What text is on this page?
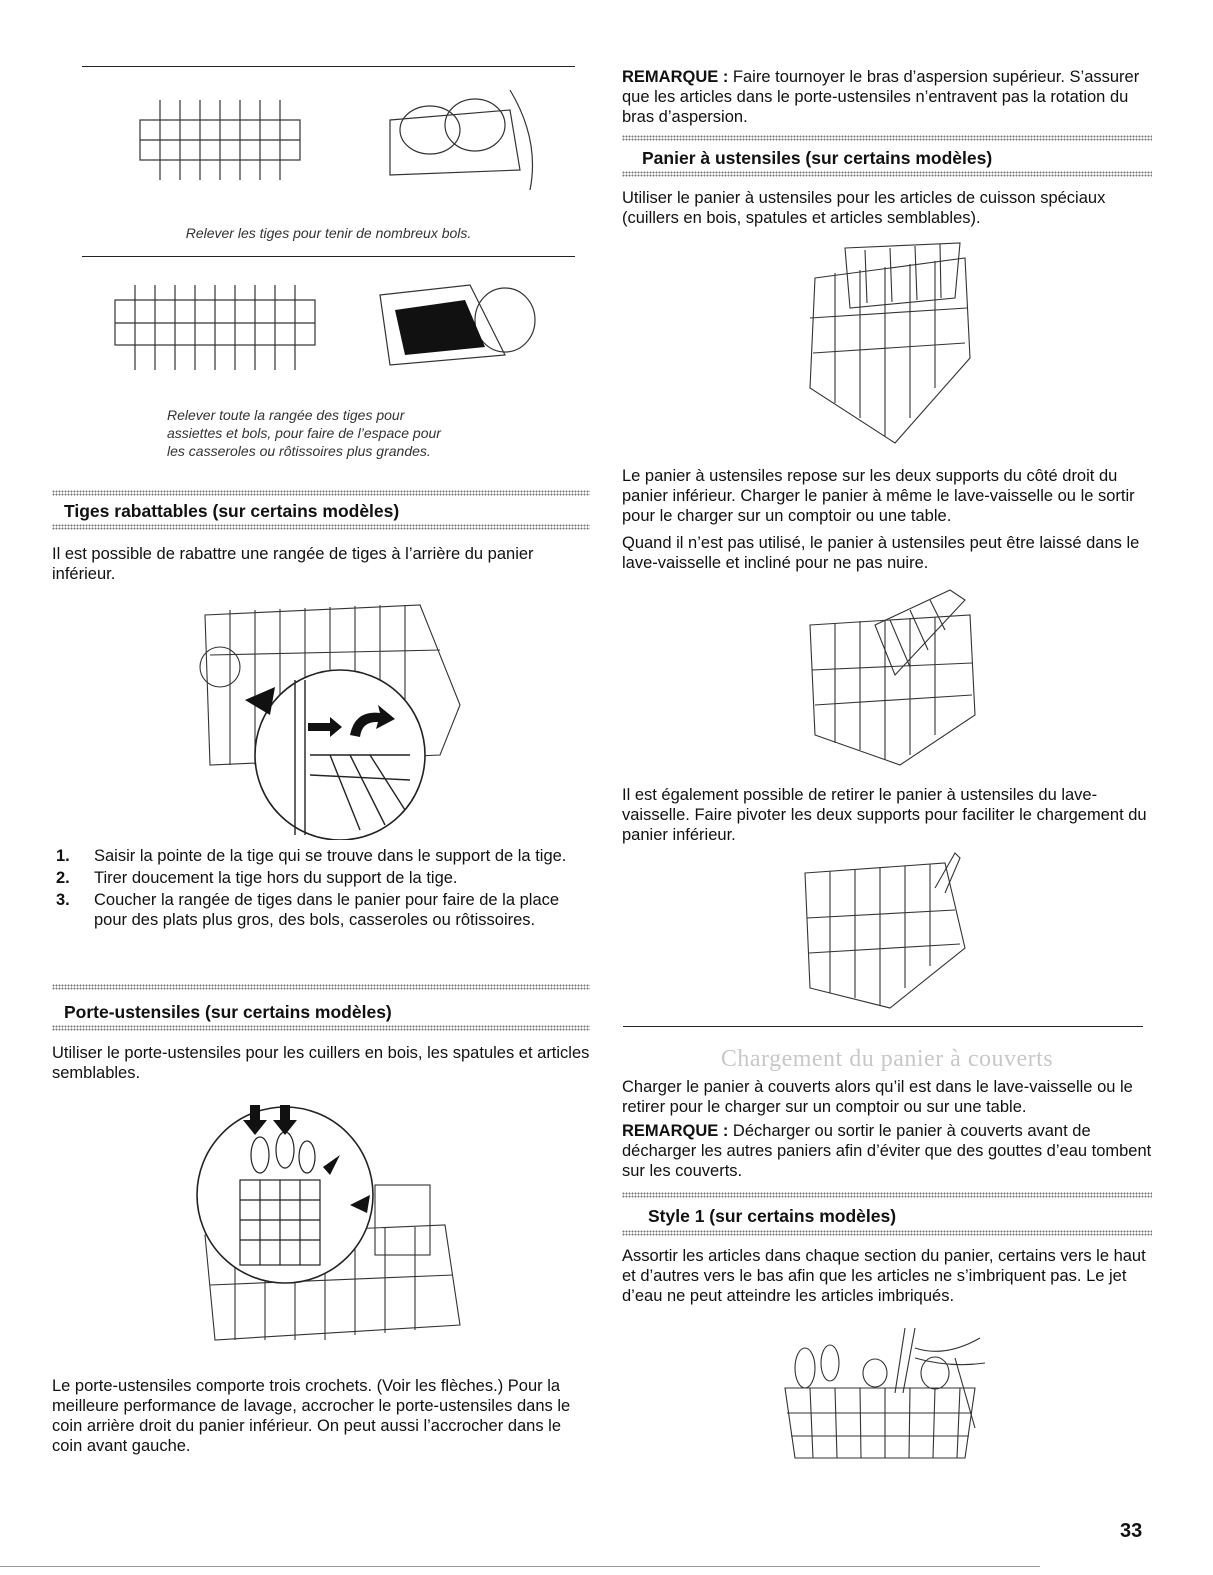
Relever les tiges pour tenir de nombreux bols.
Relever toute la rangée des tiges pour
assiettes et bols, pour faire de l’espace pour
les casseroles ou rôtissoires plus grandes.
Tiges rabattables (sur certains modèles)

Il est possible de rabattre une rangée de tiges à l’arrière du panier inférieur.

1. Saisir la pointe de la tige qui se trouve dans le support de la tige.
2. Tirer doucement la tige hors du support de la tige.
3. Coucher la rangée de tiges dans le panier pour faire de la place pour des plats plus gros, des bols, casseroles ou rôtissoires.
Porte-ustensiles (sur certains modèles)

Utiliser le porte-ustensiles pour les cuillers en bois, les spatules et articles semblables.

Le porte-ustensiles comporte trois crochets. (Voir les flèches.) Pour la meilleure performance de lavage, accrocher le porte-ustensiles dans le coin arrière droit du panier inférieur. On peut aussi l’accrocher dans le coin avant gauche.

REMARQUE : Faire tournoyer le bras d’aspersion supérieur. S’assurer que les articles dans le porte-ustensiles n’entravent pas la rotation du bras d’aspersion.

Panier à ustensiles (sur certains modèles)

Utiliser le panier à ustensiles pour les articles de cuisson spéciaux (cuillers en bois, spatules et articles semblables).

Le panier à ustensiles repose sur les deux supports du côté droit du panier inférieur. Charger le panier à même le lave-vaisselle ou le sortir pour le charger sur un comptoir ou une table.

Quand il n’est pas utilisé, le panier à ustensiles peut être laissé dans le lave-vaisselle et incliné pour ne pas nuire.

Il est également possible de retirer le panier à ustensiles du lave-vaisselle. Faire pivoter les deux supports pour faciliter le chargement du panier inférieur.

Chargement du panier à couverts

Charger le panier à couverts alors qu’il est dans le lave-vaisselle ou le retirer pour le charger sur un comptoir ou sur une table.

REMARQUE : Décharger ou sortir le panier à couverts avant de décharger les autres paniers afin d’éviter que des gouttes d’eau tombent sur les couverts.

Style 1 (sur certains modèles)

Assortir les articles dans chaque section du panier, certains vers le haut et d’autres vers le bas afin que les articles ne s’imbriquent pas. Le jet d’eau ne peut atteindre les articles imbriqués.

33
